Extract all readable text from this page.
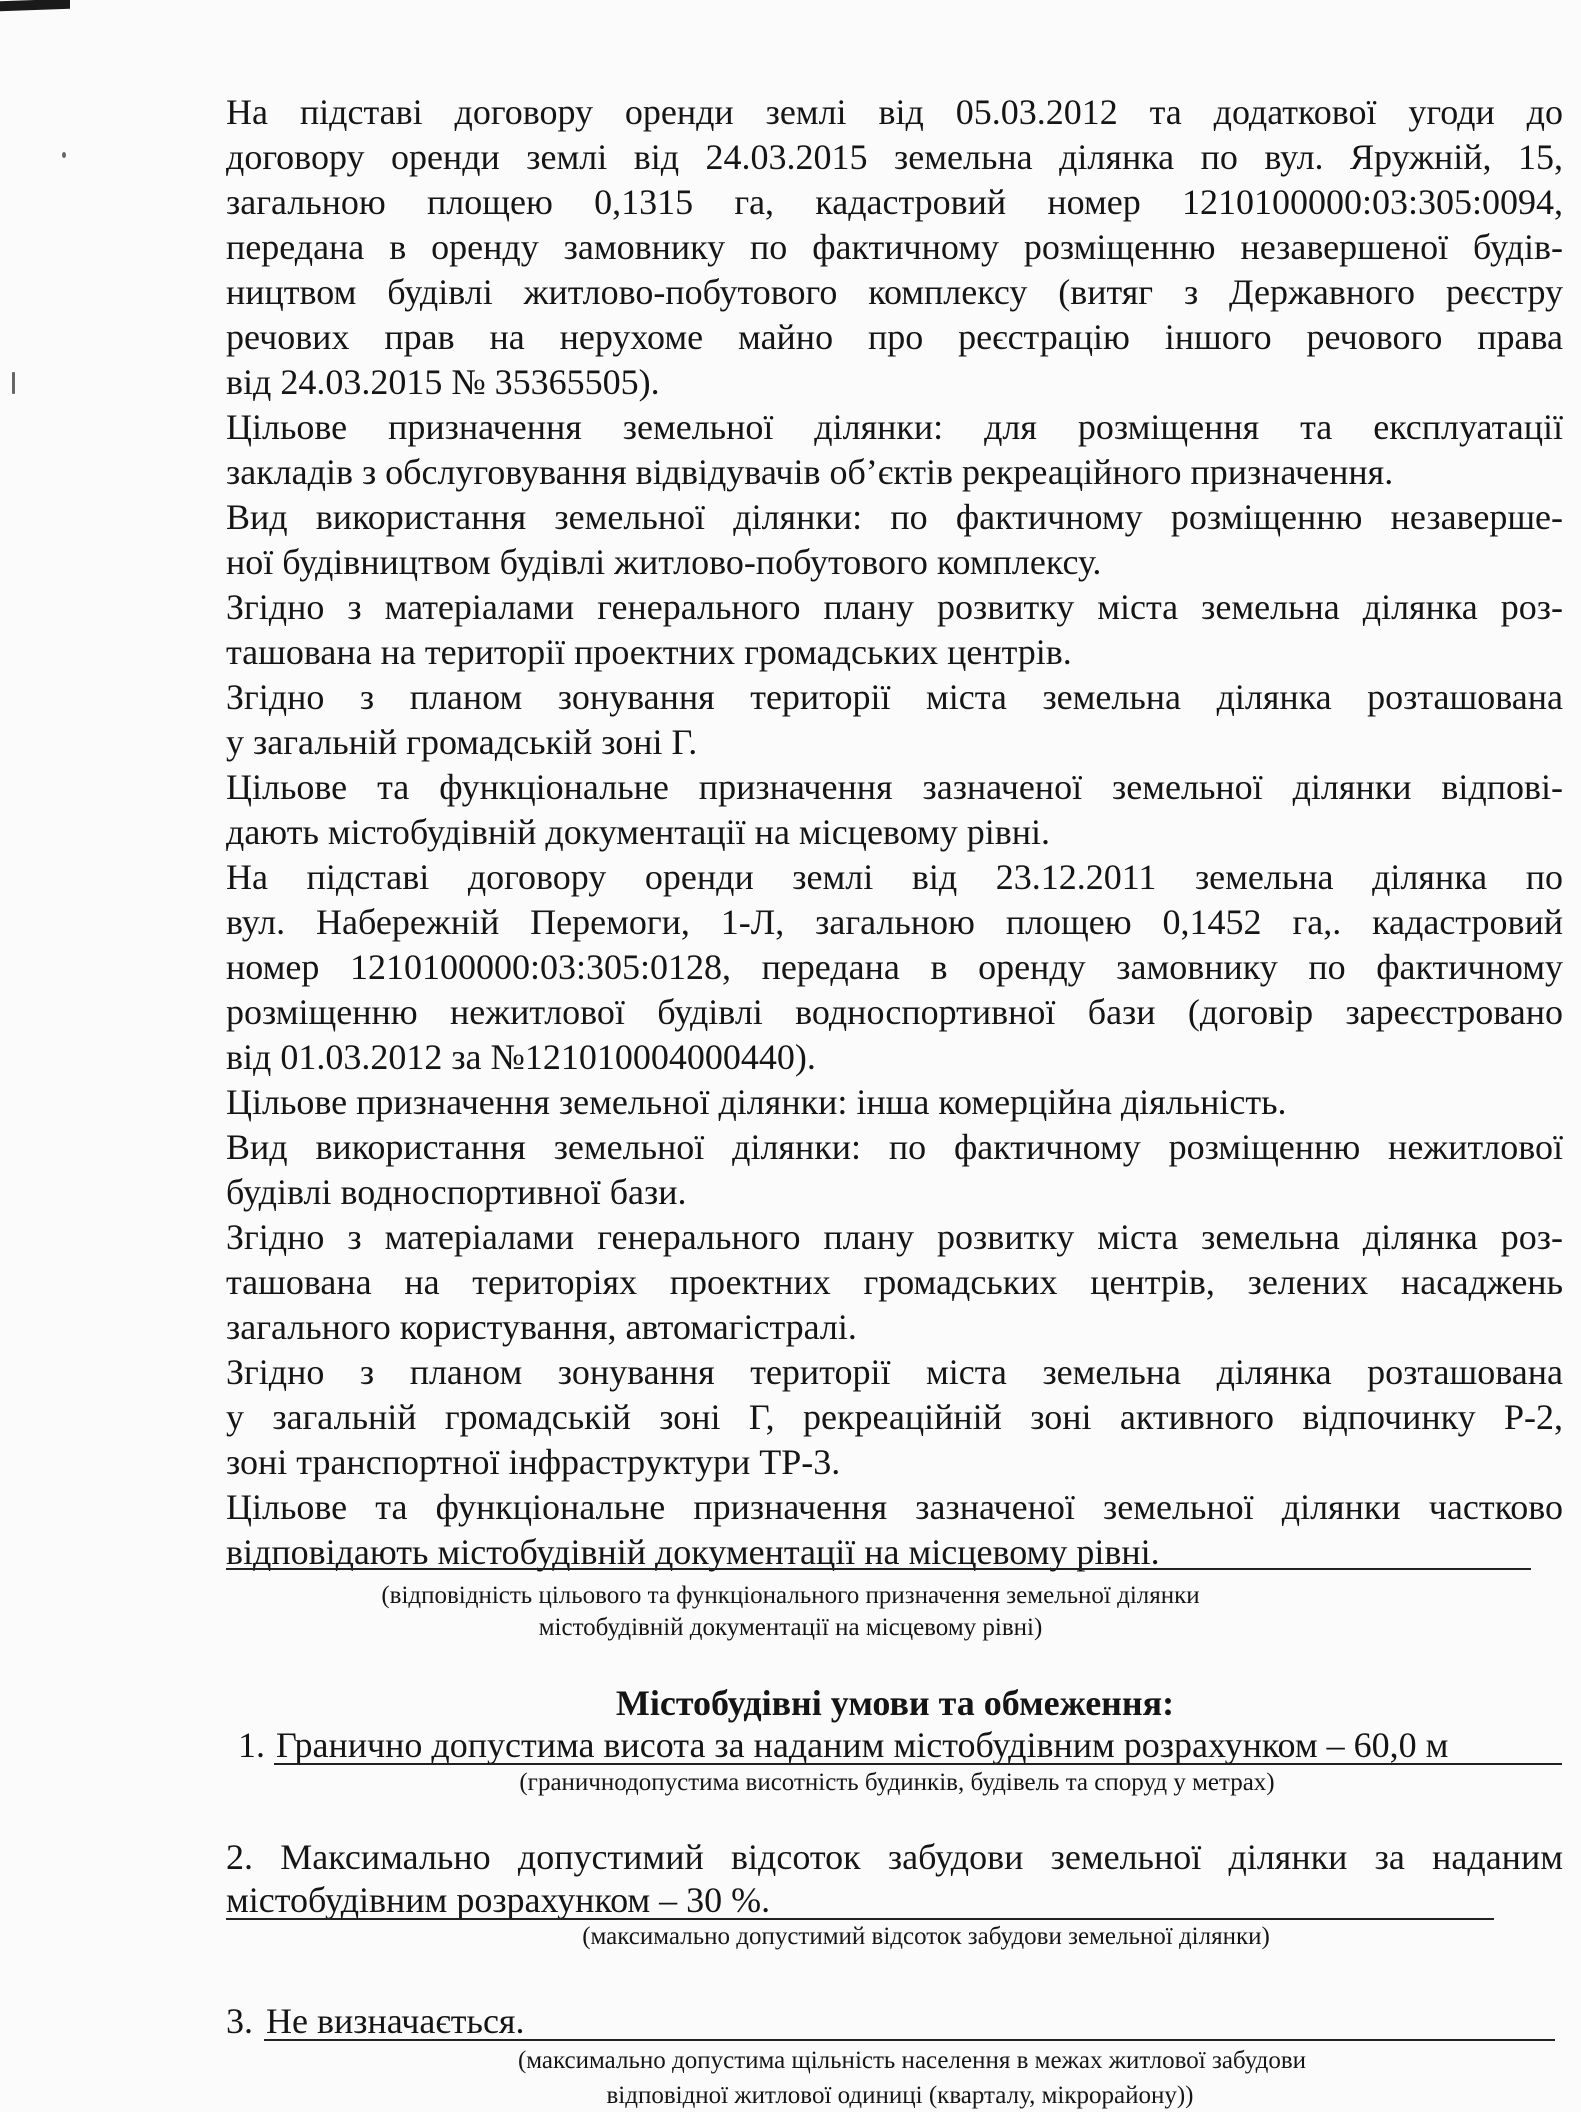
На підставі договору оренди землі від 05.03.2012 та додаткової угоди до
договору оренди землі від 24.03.2015 земельна ділянка по вул. Яружній, 15,
загальною площею 0,1315 га, кадастровий номер 1210100000:03:305:0094,
передана в оренду замовнику по фактичному розміщенню незавершеної будів-
ництвом будівлі житлово-побутового комплексу (витяг з Державного реєстру
речових прав на нерухоме майно про реєстрацію іншого речового права
від 24.03.2015 № 35365505).
Цільове призначення земельної ділянки: для розміщення та експлуатації
закладів з обслуговування відвідувачів об’єктів рекреаційного призначення.
Вид використання земельної ділянки: по фактичному розміщенню незаверше-
ної будівництвом будівлі житлово-побутового комплексу.
Згідно з матеріалами генерального плану розвитку міста земельна ділянка роз-
ташована на території проектних громадських центрів.
Згідно з планом зонування території міста земельна ділянка розташована
у загальній громадській зоні Г.
Цільове та функціональне призначення зазначеної земельної ділянки відпові-
дають містобудівній документації на місцевому рівні.
На підставі договору оренди землі від 23.12.2011 земельна ділянка по
вул. Набережній Перемоги, 1-Л, загальною площею 0,1452 га,. кадастровий
номер 1210100000:03:305:0128, передана в оренду замовнику по фактичному
розміщенню нежитлової будівлі водноспортивної бази (договір зареєстровано
від 01.03.2012 за №121010004000440).
Цільове призначення земельної ділянки: інша комерційна діяльність.
Вид використання земельної ділянки: по фактичному розміщенню нежитлової
будівлі водноспортивної бази.
Згідно з матеріалами генерального плану розвитку міста земельна ділянка роз-
ташована на територіях проектних громадських центрів, зелених насаджень
загального користування, автомагістралі.
Згідно з планом зонування території міста земельна ділянка розташована
у загальній громадській зоні Г, рекреаційній зоні активного відпочинку Р-2,
зоні транспортної інфраструктури ТР-3.
Цільове та функціональне призначення зазначеної земельної ділянки частково
відповідають містобудівній документації на місцевому рівні.
(відповідність цільового та функціонального призначення земельної ділянки
містобудівній документації на місцевому рівні)
Містобудівні умови та обмеження:
1. Гранично допустима висота за наданим містобудівним розрахунком – 60,0 м
(граничнодопустима висотність будинків, будівель та споруд у метрах)
2. Максимально допустимий відсоток забудови земельної ділянки за наданим
містобудівним розрахунком – 30 %.
(максимально допустимий відсоток забудови земельної ділянки)
3. Не визначається.
(максимально допустима щільність населення в межах житлової забудови
відповідної житлової одиниці (кварталу, мікрорайону))
